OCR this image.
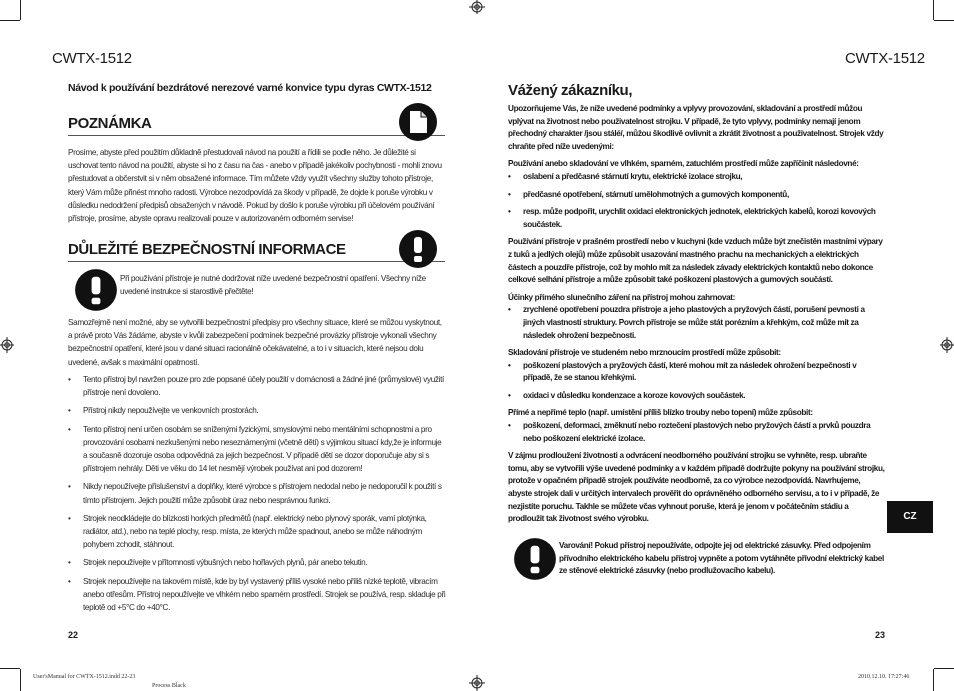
CWTX-1512	CWTX-1512
Návod k používání bezdrátové nerezové varné konvice typu dyras CWTX-1512
POZNÁMKA
Prosíme, abyste před použitím důkladně přestudovali návod na použití a řídili se podle něho. Je důležité si uschovat tento návod na použití, abyste si ho z času na čas - anebo v případě jakékoliv pochybnosti - mohli znovu přestudovat a občerstvit si v něm obsažené informace. Tím můžete vždy využít všechny služby tohoto přístroje, který Vám může přinést mnoho radosti. Výrobce nezodpovídá za škody v případě, že dojde k poruše výrobku v důsledku nedodržení předpisů obsažených v návodě. Pokud by došlo k poruše výrobku při účelovém používání přístroje, prosíme, abyste opravu realizovali pouze v autorizovaném odborném servise!
DŮLEŽITÉ BEZPEČNOSTNÍ INFORMACE
Při používání přístroje je nutné dodržovat níže uvedené bezpečnostní opatření. Všechny níže uvedené instrukce si starostlivě přečtěte!
Samozřejmě není možné, aby se vytvořili bezpečnostní předpisy pro všechny situace, které se můžou vyskytnout, a právě proto Vás žádáme, abyste v kvůli zabezpečení podmínek bezpečné provázky přístroje vykonali všechny bezpečnostní opatření, které jsou v dané situaci racionálně očekávatelné, a to i v situacích, které nejsou dolu uvedené, avšak s maximální opatrností.
• Tento přístroj byl navržen pouze pro zde popsané účely použití v domácnosti a žádné jiné (průmyslové) využití přístroje není dovoleno.
• Přístroj nikdy nepoužívejte ve venkovních prostorách.
• Tento přístroj není určen osobám se sníženými fyzickými, smyslovými nebo mentálními schopnostmi a pro provozování osobami nezkušenými nebo neseznámenými (včetně dětí) s výjimkou situací kdy,že je informuje a současně dozoruje osoba odpovědná za jejich bezpečnost. V případě dětí se dozor doporučuje aby si s přístrojem nehrály. Děti ve věku do 14 let nesmějí výrobek používat ani pod dozorem!
• Nikdy nepoužívejte příslušenství a doplňky, které výrobce s přístrojem nedodal nebo je nedoporučil k použití s tímto přístrojem. Jejich použití může způsobit úraz nebo nesprávnou funkci.
• Strojek neodkládejte do blízkosti horkých předmětů (např. elektrický nebo plynový sporák, vamí plotýnka, radiátor, atd.), nebo na teplé plochy, resp. místa, ze kterých může spadnout, anebo se může náhodným pohybem zchodit, stáhnout.
• Strojek nepoužívejte v přítomnosti výbušných nebo hořlavých plynů, pár anebo tekutin.
• Strojek nepoužívejte na takovém místě, kde by byl vystavený příliš vysoké nebo příliš nízké teplotě, vibracím anebo otřesům. Přístroj nepoužívejte ve vlhkém nebo sparném prostředí. Strojek se používá, resp. skladuje při teplotě od +5°C do +40°C.
22
Vážený zákazníku,

Upozorňujeme Vás, že níže uvedené podmínky a vplyvy provozování, skladování a prostředí můžou vplývat na životnost nebo použivatelnost strojku. V případě, že tyto vplyvy, podmínky nemají jenom přechodný charakter /jsou stálé/, můžou škodlivě ovlivnit a zkrátit životnost a použivatelnost. Strojek vždy chraňte před níže uvedenými:

Používání anebo skladování ve vlhkém, sparném, zatuchlém prostředí může zapříčinit následovné:

• oslabení a předčasné stárnutí krytu, elektrické izolace strojku,
• předčasné opotřebení, stárnutí umělohmotných a gumových komponentů,
• resp. může podpořit, urychlit oxidaci elektronických jednotek, elektrických kabelů, korozi kovových součástek.

Používání přístroje v prašném prostředí nebo v kuchyni (kde vzduch může být znečistěn mastními výpary z tuků a jedlých olejů) může způsobit usazování mastného prachu na mechanických a elektrických částech a pouzdře přístroje, což by mohlo mít za následek závady elektrických kontaktů nebo dokonce celkové selhání přístroje a může způsobit také poškození plastových a gumových součástí.

Účinky přímého slunečního záření na přístroj mohou zahrnovat:

• zrychlené opotřebení pouzdra přístroje a jeho plastových a pryžových částí, porušení pevnosti a jiných vlastností struktury. Povrch přístroje se může stát porézním a křehkým, což může mít za následek ohrožení bezpečnosti.

Skladování přístroje ve studeném nebo mrznoucím prostředí může způsobit:

• poškození plastových a pryžových částí, které mohou mít za následek ohrožení bezpečnosti v případě, že se stanou křehkými.
• oxidaci v důsledku kondenzace a koroze kovových součástek.

Přímé a nepřímé teplo (např. umístění příliš blízko trouby nebo topení) může způsobit:

• poškození, deformaci, změknutí nebo roztečení plastových nebo pryžových částí a prvků pouzdra nebo poškození elektrické izolace.

V zájmu prodloužení životnosti a odvrácení neodborného používání strojku se vyhněte, resp. ubraňte tomu, aby se vytvořili výše uvedené podmínky a v každém případě dodržujte pokyny na používání strojku, protože v opačném případě strojek používáte neodborně, za co výrobce nezodpovídá. Navrhujeme, abyste strojek dali v určitých intervalech prověřit do oprávněného odborného servisu, a to i v případě, že nezjistíte poruchu. Takhle se můžete včas vyhnout poruše, která je jenom v počátečním stádiu a prodloužit tak životnost svého výrobku.

Varování! Pokud přístroj nepoužíváte, odpojte jej od elektrické zásuvky. Před odpojením přívodního elektrického kabelu přístroj vypněte a potom vytáhněte přívodní elektrický kabel ze stěnové elektrické zásuvky (nebo prodlužovacího kabelu).
CZ
23
User'sManual for CWTX-1512.indd 22-23
Process Black
2010.12.10. 17:27:46
